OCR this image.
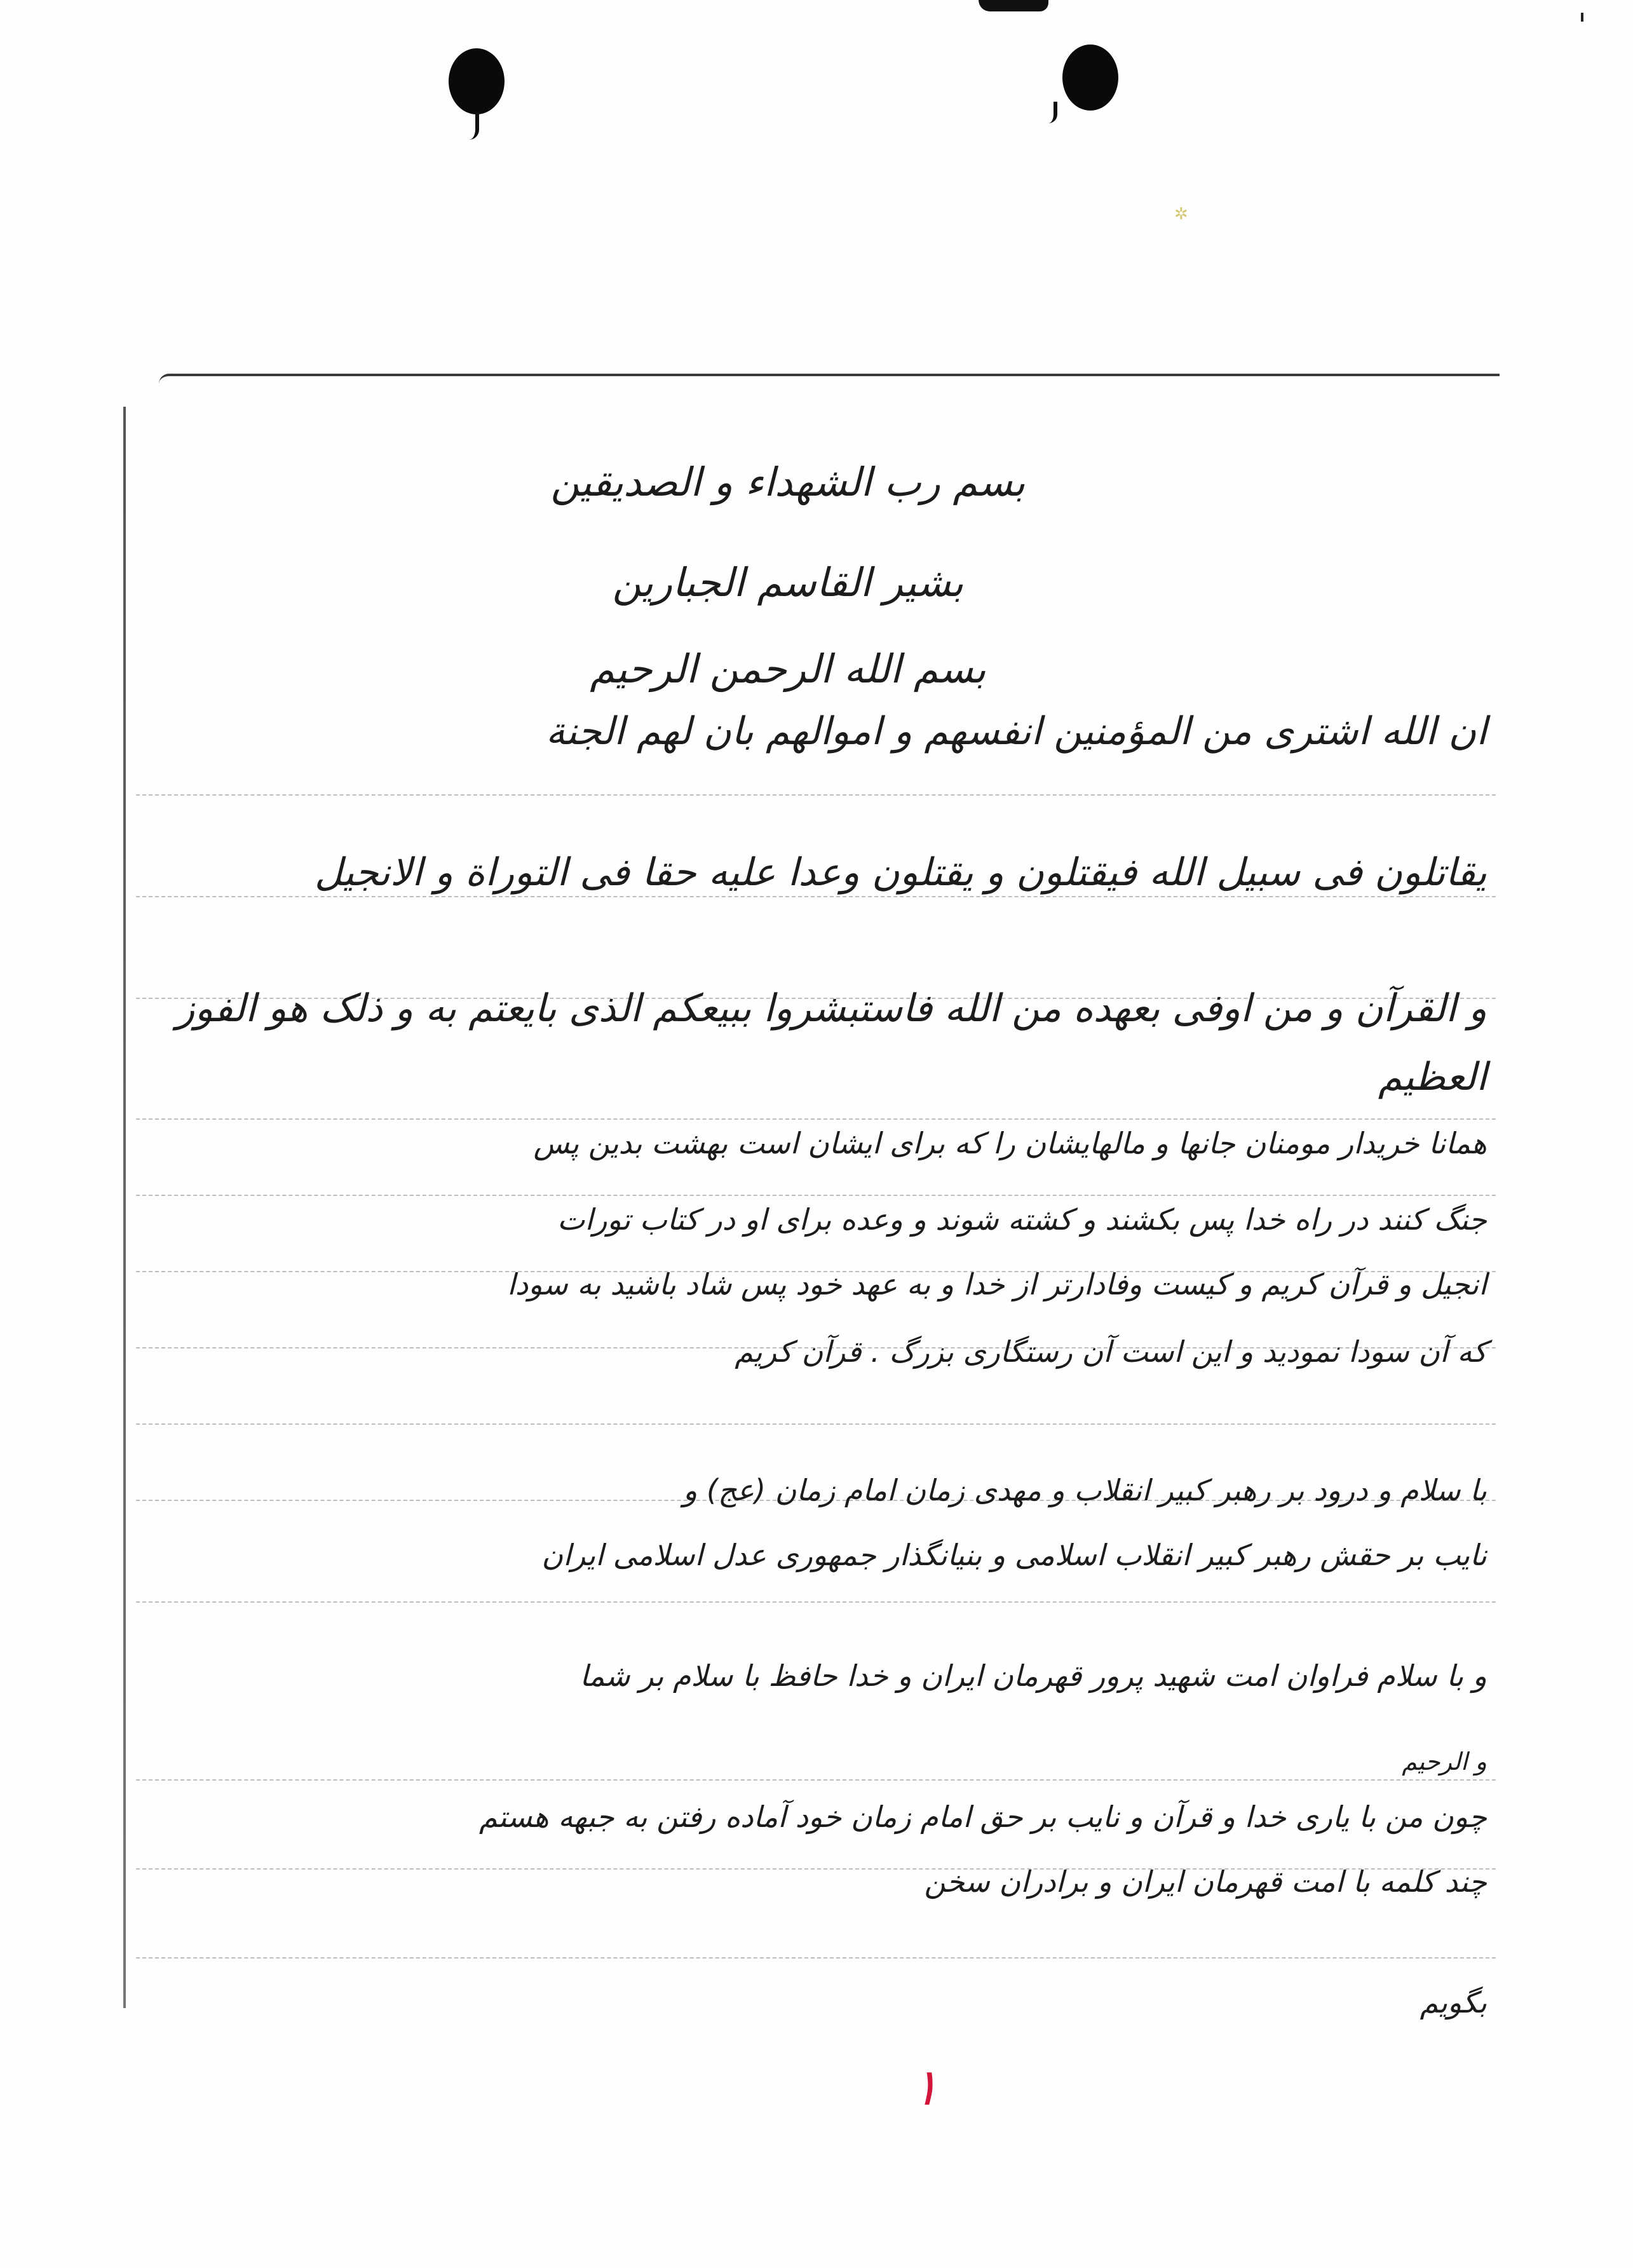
✲
بسم رب الشهداء و الصدیقین
بشیر القاسم الجبارین
بسم الله الرحمن الرحیم
ان الله اشتری من المؤمنین انفسهم و اموالهم بان لهم الجنة
یقاتلون فی سبیل الله فیقتلون و یقتلون وعدا علیه حقا فی التوراة و الانجیل
و القرآن و من اوفی بعهده من الله فاستبشروا ببیعکم الذی بایعتم به و ذلک هو الفوز
العظیم
همانا خریدار مومنان جانها و مالهایشان را که برای ایشان است بهشت بدین پس
جنگ کنند در راه خدا پس بکشند و کشته شوند و وعده برای او در کتاب تورات
انجیل و قرآن کریم و کیست وفادارتر از خدا و به عهد خود پس شاد باشید به سودا
که آن سودا نمودید و این است آن رستگاری بزرگ . قرآن کریم
با سلام و درود بر رهبر کبیر انقلاب و مهدی زمان امام زمان (عج) و
نایب بر حقش رهبر کبیر انقلاب اسلامی و بنیانگذار جمهوری عدل اسلامی ایران
و با سلام فراوان امت شهید پرور قهرمان ایران و خدا حافظ با سلام بر شما
و الرحیم
چون من با یاری خدا و قرآن و نایب بر حق امام زمان خود آماده رفتن به جبهه هستم
چند کلمه با امت قهرمان ایران و برادران سخن
بگویم
۱
